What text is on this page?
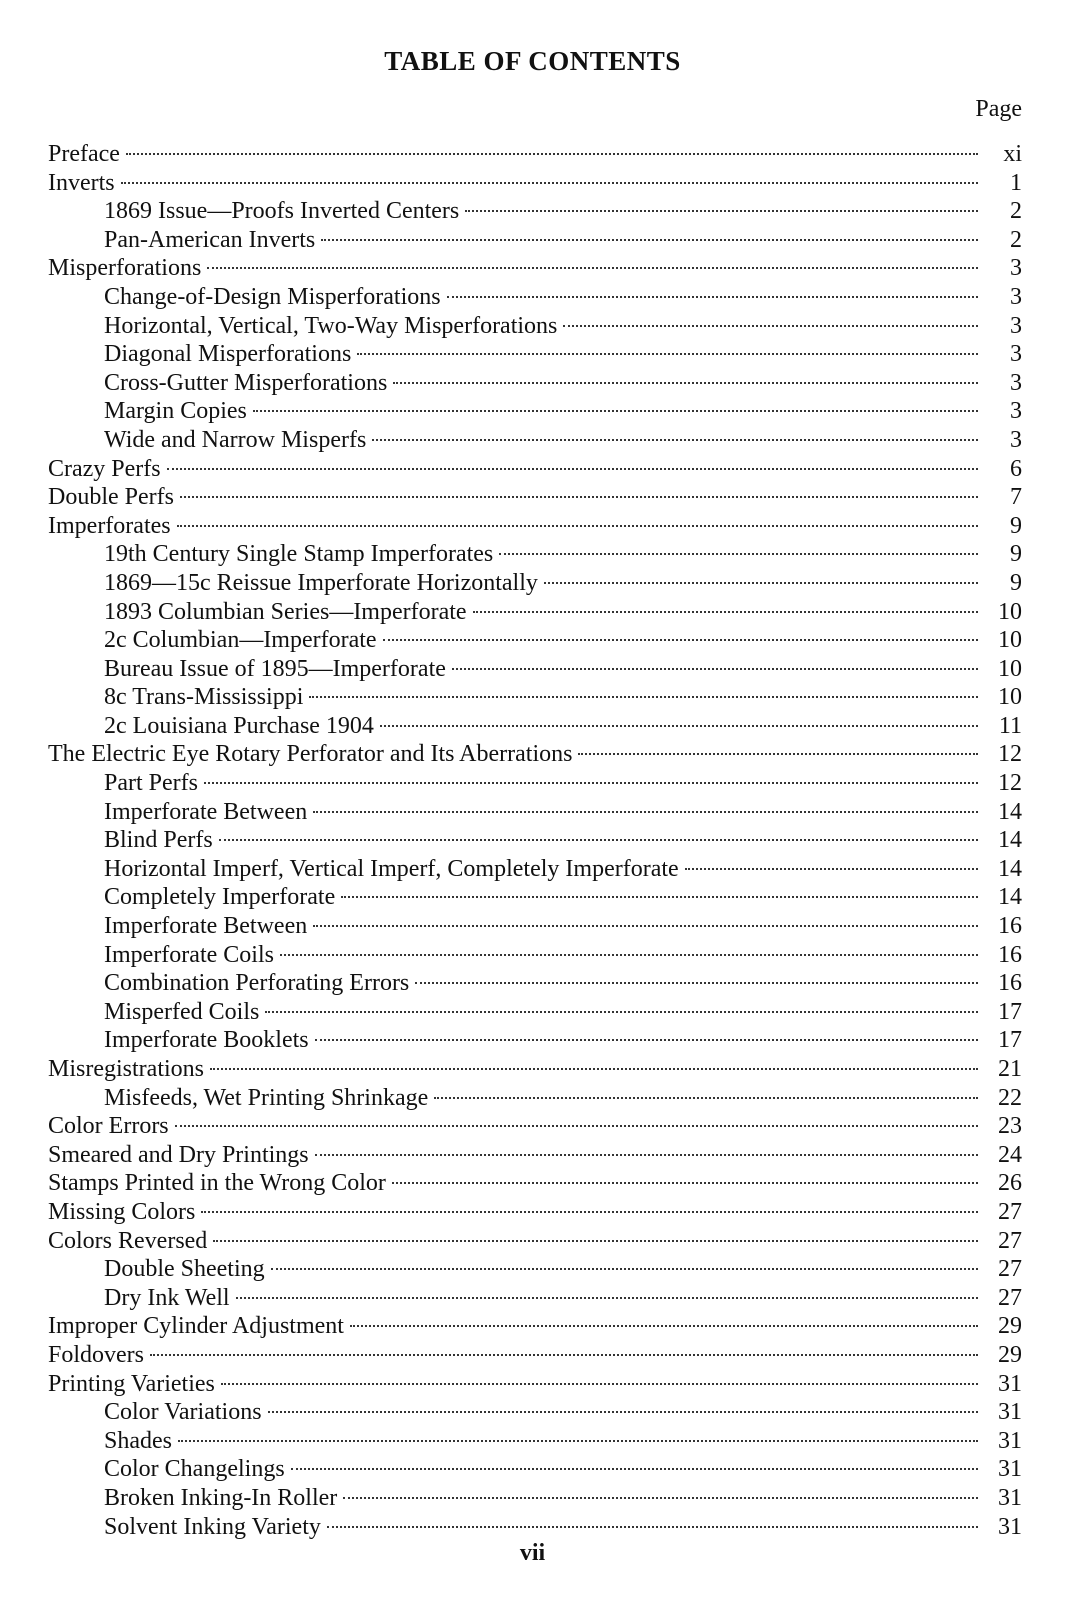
TABLE OF CONTENTS
Page
Preface	xi
Inverts	1
1869 Issue—Proofs Inverted Centers	2
Pan-American Inverts	2
Misperforations	3
Change-of-Design Misperforations	3
Horizontal, Vertical, Two-Way Misperforations	3
Diagonal Misperforations	3
Cross-Gutter Misperforations	3
Margin Copies	3
Wide and Narrow Misperfs	3
Crazy Perfs	6
Double Perfs	7
Imperforates	9
19th Century Single Stamp Imperforates	9
1869—15c Reissue Imperforate Horizontally	9
1893 Columbian Series—Imperforate	10
2c Columbian—Imperforate	10
Bureau Issue of 1895—Imperforate	10
8c Trans-Mississippi	10
2c Louisiana Purchase 1904	11
The Electric Eye Rotary Perforator and Its Aberrations	12
Part Perfs	12
Imperforate Between	14
Blind Perfs	14
Horizontal Imperf, Vertical Imperf, Completely Imperforate	14
Completely Imperforate	14
Imperforate Between	16
Imperforate Coils	16
Combination Perforating Errors	16
Misperfed Coils	17
Imperforate Booklets	17
Misregistrations	21
Misfeeds, Wet Printing Shrinkage	22
Color Errors	23
Smeared and Dry Printings	24
Stamps Printed in the Wrong Color	26
Missing Colors	27
Colors Reversed	27
Double Sheeting	27
Dry Ink Well	27
Improper Cylinder Adjustment	29
Foldovers	29
Printing Varieties	31
Color Variations	31
Shades	31
Color Changelings	31
Broken Inking-In Roller	31
Solvent Inking Variety	31
vii
